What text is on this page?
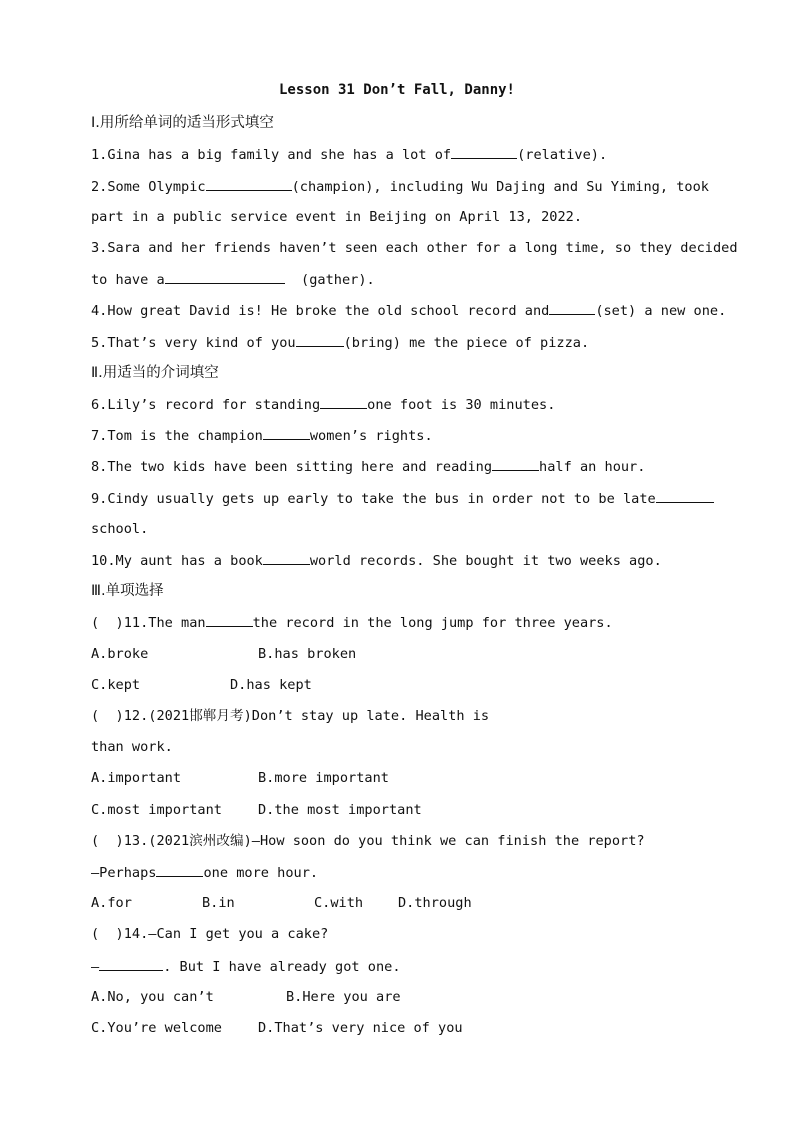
Lesson 31 Don’t Fall, Danny!
Ⅰ.用所给单词的适当形式填空
1.Gina has a big family and she has a lot of	(relative).
2.Some Olympic	(champion), including Wu Dajing and Su Yiming, took
part in a public service event in Beijing on April 13, 2022.
3.Sara and her friends haven’t seen each other for a long time, so they decided
to have a	(gather).
4.How great David is! He broke the old school record and	(set) a new one.
5.That’s very kind of you	(bring) me the piece of pizza.
Ⅱ.用适当的介词填空
6.Lily’s record for standing	one foot is 30 minutes.
7.Tom is the champion	women’s rights.
8.The two kids have been sitting here and reading	half an hour.
9.Cindy usually gets up early to take the bus in order not to be late
school.
10.My aunt has a book	world records. She bought it two weeks ago.
Ⅲ.单项选择
(  )11.The man	the record in the long jump for three years.
A.broke	B.has broken
C.kept	D.has kept
(  )12.(2021邯郸月考)Don’t stay up late. Health is
than work.
A.important	B.more important
C.most important	D.the most important
(  )13.(2021滨州改编)—How soon do you think we can finish the report?
—Perhaps	one more hour.
A.for	B.in	C.with	D.through
(  )14.—Can I get you a cake?
—	. But I have already got one.
A.No, you can’t	B.Here you are
C.You’re welcome	D.That’s very nice of you
